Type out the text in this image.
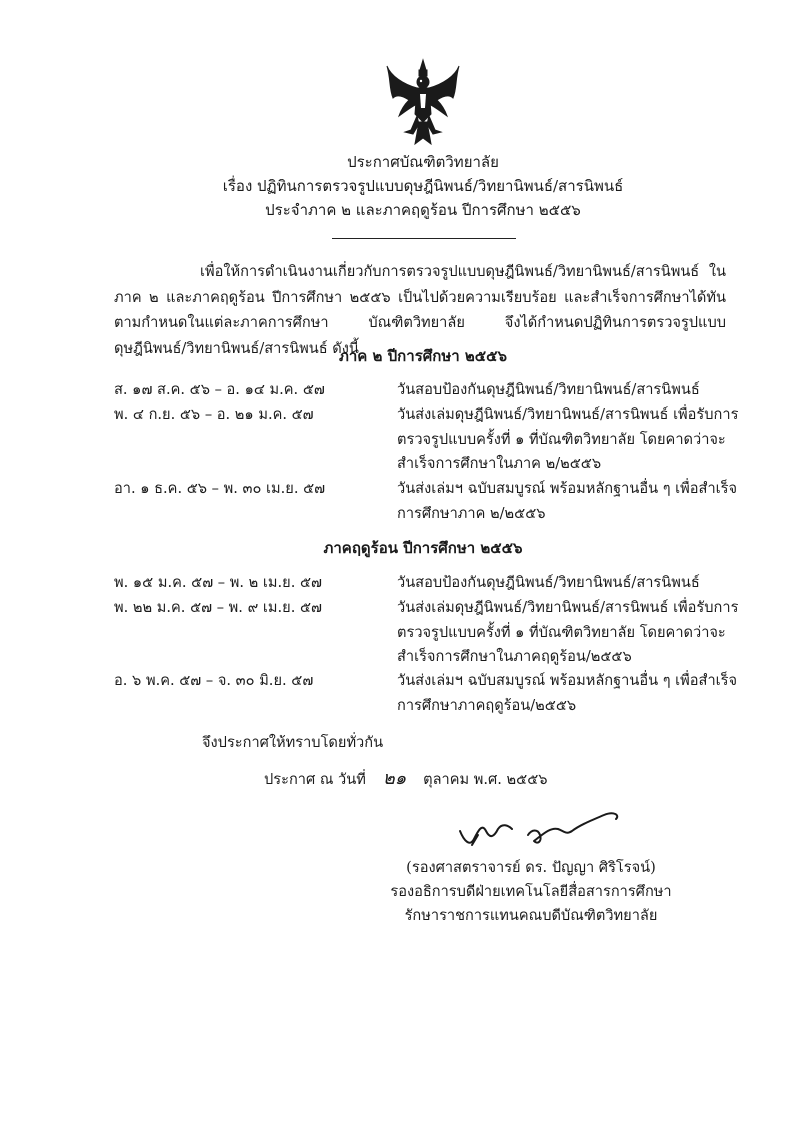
ประกาศบัณฑิตวิทยาลัย
เรื่อง ปฏิทินการตรวจรูปแบบดุษฎีนิพนธ์/วิทยานิพนธ์/สารนิพนธ์
ประจำภาค ๒ และภาคฤดูร้อน ปีการศึกษา ๒๕๕๖
เพื่อให้การดำเนินงานเกี่ยวกับการตรวจรูปแบบดุษฎีนิพนธ์/วิทยานิพนธ์/สารนิพนธ์ ในภาค ๒ และภาคฤดูร้อน ปีการศึกษา ๒๕๕๖ เป็นไปด้วยความเรียบร้อย และสำเร็จการศึกษาได้ทันตามกำหนดในแต่ละภาคการศึกษา บัณฑิตวิทยาลัย จึงได้กำหนดปฏิทินการตรวจรูปแบบดุษฎีนิพนธ์/วิทยานิพนธ์/สารนิพนธ์ ดังนี้
ภาค ๒ ปีการศึกษา ๒๕๕๖
ส. ๑๗ ส.ค. ๕๖ – อ. ๑๔ ม.ค. ๕๗	วันสอบป้องกันดุษฎีนิพนธ์/วิทยานิพนธ์/สารนิพนธ์
พ. ๔ ก.ย. ๕๖ – อ. ๒๑ ม.ค. ๕๗	วันส่งเล่มดุษฎีนิพนธ์/วิทยานิพนธ์/สารนิพนธ์ เพื่อรับการตรวจรูปแบบครั้งที่ ๑ ที่บัณฑิตวิทยาลัย โดยคาดว่าจะสำเร็จการศึกษาในภาค ๒/๒๕๕๖
อา. ๑ ธ.ค. ๕๖ – พ. ๓๐ เม.ย. ๕๗	วันส่งเล่มฯ ฉบับสมบูรณ์ พร้อมหลักฐานอื่น ๆ เพื่อสำเร็จการศึกษาภาค ๒/๒๕๕๖
ภาคฤดูร้อน ปีการศึกษา ๒๕๕๖
พ. ๑๕ ม.ค. ๕๗ – พ. ๒ เม.ย. ๕๗	วันสอบป้องกันดุษฎีนิพนธ์/วิทยานิพนธ์/สารนิพนธ์
พ. ๒๒ ม.ค. ๕๗ – พ. ๙ เม.ย. ๕๗	วันส่งเล่มดุษฎีนิพนธ์/วิทยานิพนธ์/สารนิพนธ์ เพื่อรับการตรวจรูปแบบครั้งที่ ๑ ที่บัณฑิตวิทยาลัย โดยคาดว่าจะสำเร็จการศึกษาในภาคฤดูร้อน/๒๕๕๖
อ. ๖ พ.ค. ๕๗ – จ. ๓๐ มิ.ย. ๕๗	วันส่งเล่มฯ ฉบับสมบูรณ์ พร้อมหลักฐานอื่น ๆ เพื่อสำเร็จการศึกษาภาคฤดูร้อน/๒๕๕๖
จึงประกาศให้ทราบโดยทั่วกัน
ประกาศ ณ วันที่ ๒๑ ตุลาคม พ.ศ. ๒๕๕๖
(รองศาสตราจารย์ ดร. ปัญญา ศิริโรจน์)
รองอธิการบดีฝ่ายเทคโนโลยีสื่อสารการศึกษา
รักษาราชการแทนคณบดีบัณฑิตวิทยาลัย
